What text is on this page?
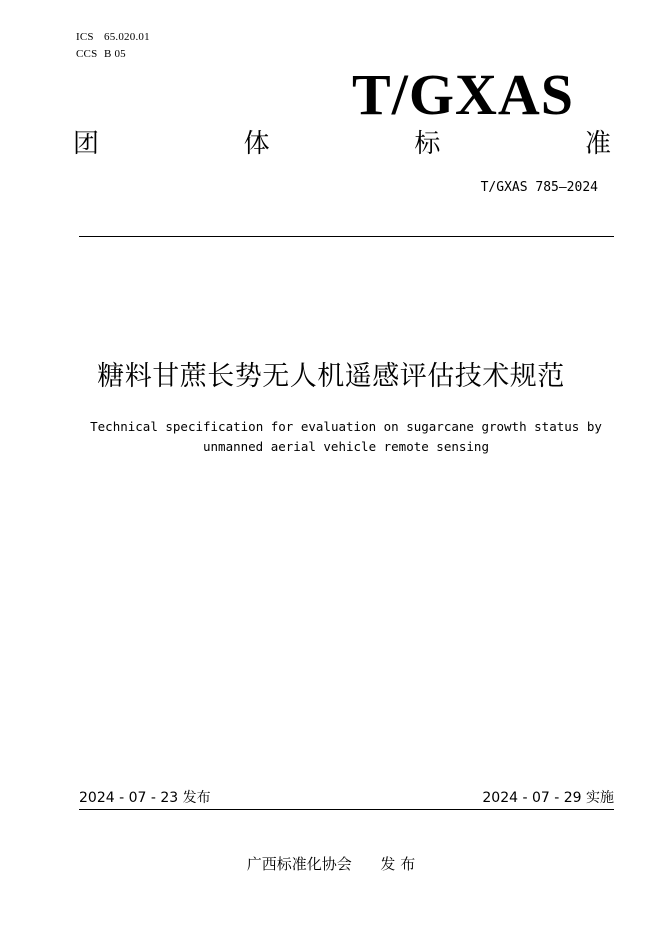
ICS 65.020.01
CCS B 05
T/GXAS
团	体	标	准
T/GXAS 785—2024
糖料甘蔗长势无人机遥感评估技术规范
Technical specification for evaluation on sugarcane growth status by
unmanned aerial vehicle remote sensing
2024 - 07 - 23 发布	2024 - 07 - 29 实施
广西标准化协会 发 布
